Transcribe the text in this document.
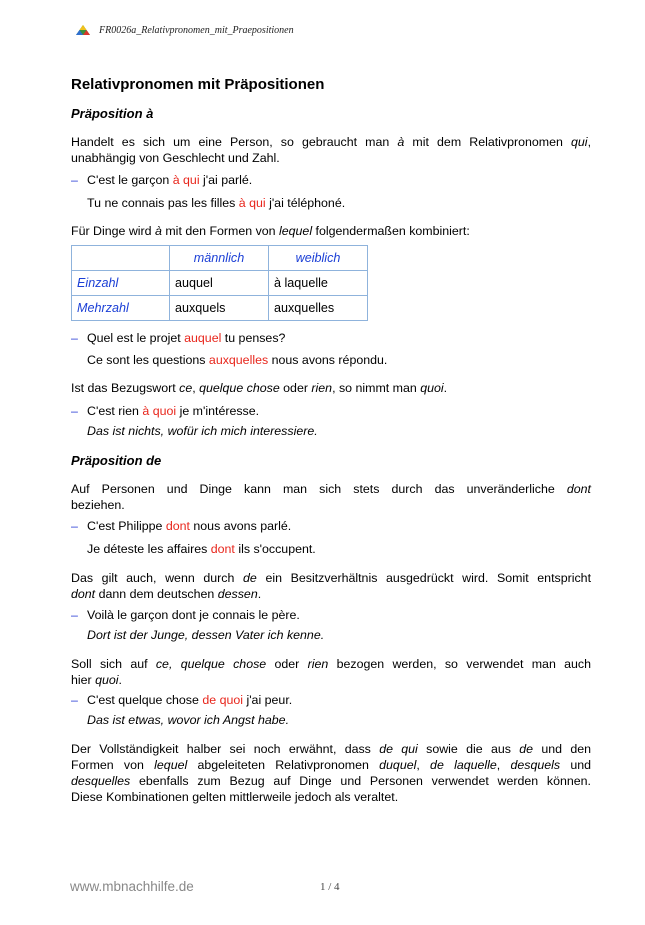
FR0026a_Relativpronomen_mit_Praepositionen
Relativpronomen mit Präpositionen
Präposition à

Handelt es sich um eine Person, so gebraucht man à mit dem Relativpronomen qui,

unabhängig von Geschlecht und Zahl.

– C'est le garçon à qui j'ai parlé.
Tu ne connais pas les filles à qui j'ai téléphoné.
Für Dinge wird à mit den Formen von lequel folgendermaßen kombiniert:
	männlich	weiblich
Einzahl	auquel	à laquelle
Mehrzahl	auxquels	auxquelles
– Quel est le projet auquel tu penses?
Ce sont les questions auxquelles nous avons répondu.
Ist das Bezugswort ce, quelque chose oder rien, so nimmt man quoi.
– C'est rien à quoi je m'intéresse.
Das ist nichts, wofür ich mich interessiere.
Präposition de

Auf Personen und Dinge kann man sich stets durch das unveränderliche dont

beziehen.

– C'est Philippe dont nous avons parlé.
Je déteste les affaires dont ils s'occupent.

Das gilt auch, wenn durch de ein Besitzverhältnis ausgedrückt wird. Somit entspricht

dont dann dem deutschen dessen.

– Voilà le garçon dont je connais le père.
Dort ist der Junge, dessen Vater ich kenne.

Soll sich auf ce, quelque chose oder rien bezogen werden, so verwendet man auch

hier quoi.

– C'est quelque chose de quoi j'ai peur.
Das ist etwas, wovor ich Angst habe.

Der Vollständigkeit halber sei noch erwähnt, dass de qui sowie die aus de und den

Formen von lequel abgeleiteten Relativpronomen duquel, de laquelle, desquels und

desquelles ebenfalls zum Bezug auf Dinge und Personen verwendet werden können.

Diese Kombinationen gelten mittlerweile jedoch als veraltet.

www.mbnachhilfe.de	1 / 4
